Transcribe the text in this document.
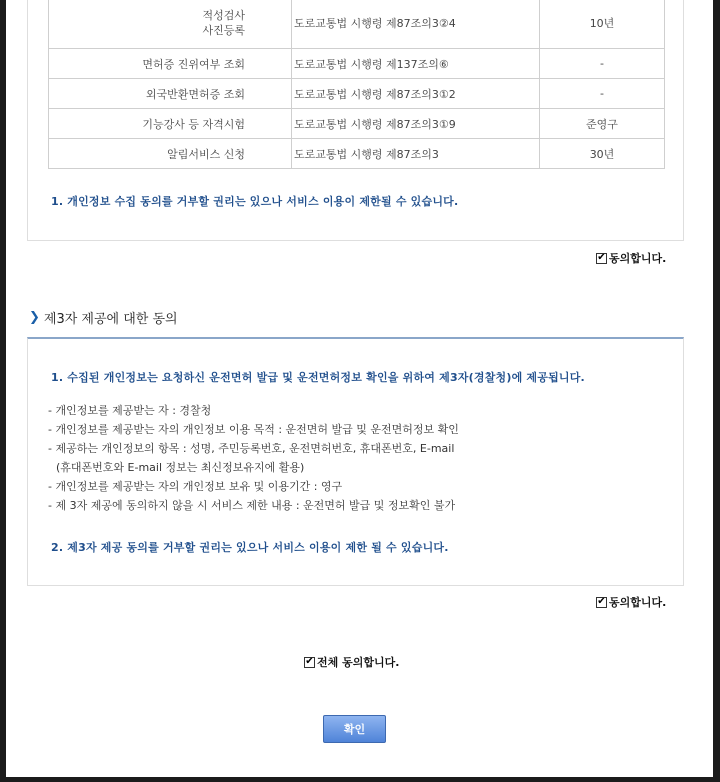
적성검사
사진등록	도로교통법 시행령 제87조의3②4	10년
면허증 진위여부 조회	도로교통법 시행령 제137조의⑥	-
외국반환면허증 조회	도로교통법 시행령 제87조의3①2	-
기능강사 등 자격시험	도로교통법 시행령 제87조의3①9	준영구
알림서비스 신청	도로교통법 시행령 제87조의3	30년
1. 개인정보 수집 동의를 거부할 권리는 있으나 서비스 이용이 제한될 수 있습니다.
✔ 동의합니다.
❯ 제3자 제공에 대한 동의
1. 수집된 개인정보는 요청하신 운전면허 발급 및 운전면허정보 확인을 위하여 제3자(경찰청)에 제공됩니다.
- 개인정보를 제공받는 자 : 경찰청
- 개인정보를 제공받는 자의 개인정보 이용 목적 : 운전면허 발급 및 운전면허정보 확인
- 제공하는 개인정보의 항목 : 성명, 주민등록번호, 운전면허번호, 휴대폰번호, E-mail
(휴대폰번호와 E-mail 정보는 최신정보유지에 활용)
- 개인정보를 제공받는 자의 개인정보 보유 및 이용기간 : 영구
- 제 3자 제공에 동의하지 않을 시 서비스 제한 내용 : 운전면허 발급 및 정보확인 불가
2. 제3자 제공 동의를 거부할 권리는 있으나 서비스 이용이 제한 될 수 있습니다.
✔ 동의합니다.
✔ 전체 동의합니다.
확인
